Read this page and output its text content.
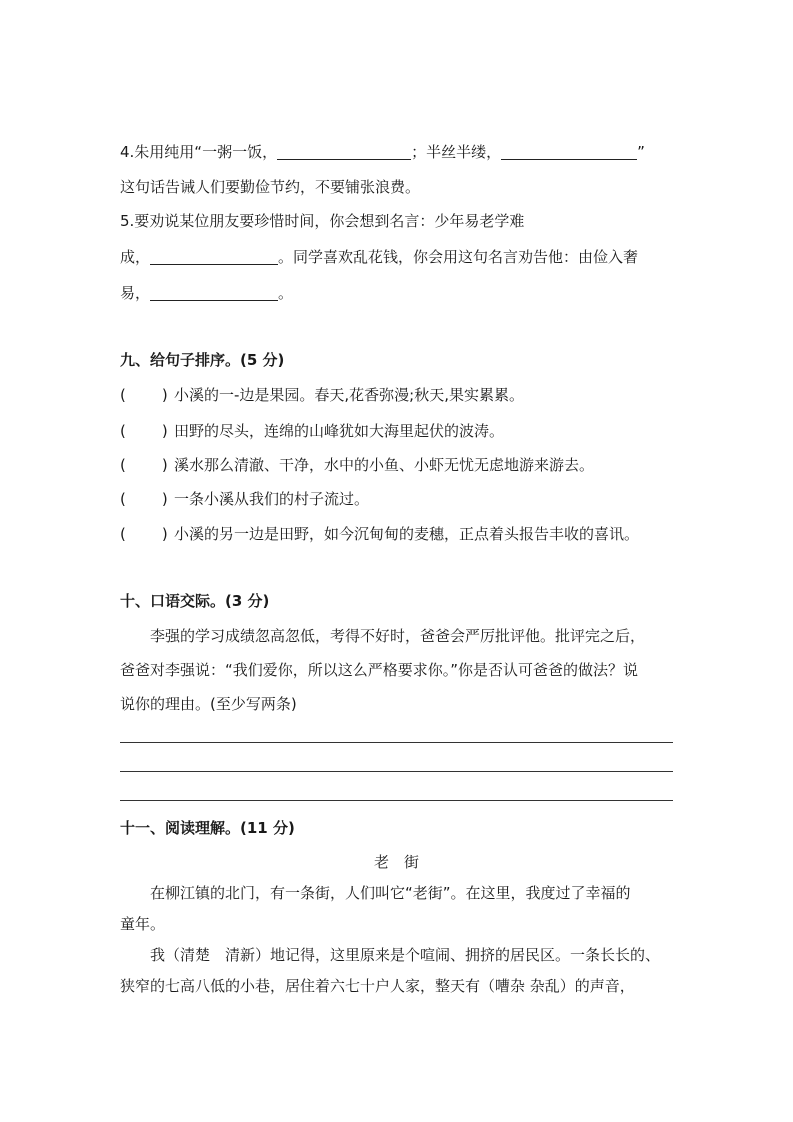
4.朱用纯用“一粥一饭，	；半丝半缕，	”
这句话告诫人们要勤俭节约，不要铺张浪费。
5.要劝说某位朋友要珍惜时间，你会想到名言：少年易老学难
成，	。同学喜欢乱花钱，你会用这句名言劝告他：由俭入奢
易，	。
九、给句子排序。(5 分)
( ) 小溪的一-边是果园。春天,花香弥漫;秋天,果实累累。
( ) 田野的尽头，连绵的山峰犹如大海里起伏的波涛。
( ) 溪水那么清澈、干净，水中的小鱼、小虾无忧无虑地游来游去。
( ) 一条小溪从我们的村子流过。
( ) 小溪的另一边是田野，如今沉甸甸的麦穗，正点着头报告丰收的喜讯。
十、口语交际。(3 分)
李强的学习成绩忽高忽低，考得不好时，爸爸会严厉批评他。批评完之后，
爸爸对李强说：“我们爱你，所以这么严格要求你。”你是否认可爸爸的做法？说
说你的理由。(至少写两条)
十一、阅读理解。(11 分)
老　街
在柳江镇的北门，有一条街，人们叫它“老街”。在这里，我度过了幸福的
童年。
我（清楚　清新）地记得，这里原来是个喧闹、拥挤的居民区。一条长长的、
狭窄的七高八低的小巷，居住着六七十户人家，整天有（嘈杂 杂乱）的声音，
